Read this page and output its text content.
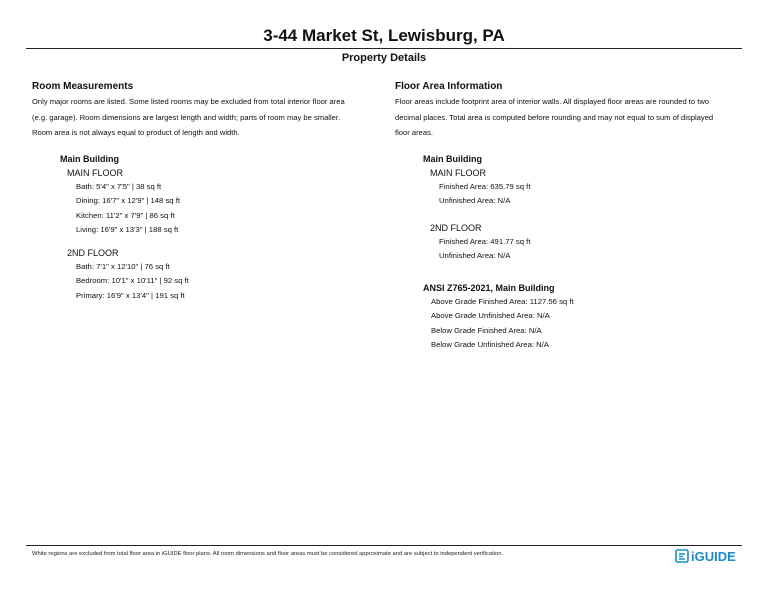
3-44 Market St, Lewisburg, PA
Property Details
Room Measurements
Only major rooms are listed. Some listed rooms may be excluded from total interior floor area
(e.g. garage). Room dimensions are largest length and width; parts of room may be smaller.
Room area is not always equal to product of length and width.
Main Building
MAIN FLOOR
Bath: 5'4" x 7'5" | 38 sq ft
Dining: 16'7" x 12'9" | 148 sq ft
Kitchen: 11'2" x 7'9" | 86 sq ft
Living: 16'9" x 13'3" | 188 sq ft
2ND FLOOR
Bath: 7'1" x 12'10" | 76 sq ft
Bedroom: 10'1" x 10'11" | 92 sq ft
Primary: 16'9" x 13'4" | 191 sq ft
Floor Area Information
Floor areas include footprint area of interior walls. All displayed floor areas are rounded to two
decimal places. Total area is computed before rounding and may not equal to sum of displayed
floor areas.
Main Building
MAIN FLOOR
Finished Area: 635.79 sq ft
Unfinished Area: N/A
2ND FLOOR
Finished Area: 491.77 sq ft
Unfinished Area: N/A
ANSI Z765-2021, Main Building
Above Grade Finished Area: 1127.56 sq ft
Above Grade Unfinished Area: N/A
Below Grade Finished Area: N/A
Below Grade Unfinished Area: N/A
White regions are excluded from total floor area in iGUIDE floor plans. All room dimensions and floor areas must be considered approximate and are subject to independent verification.	iGUIDE
